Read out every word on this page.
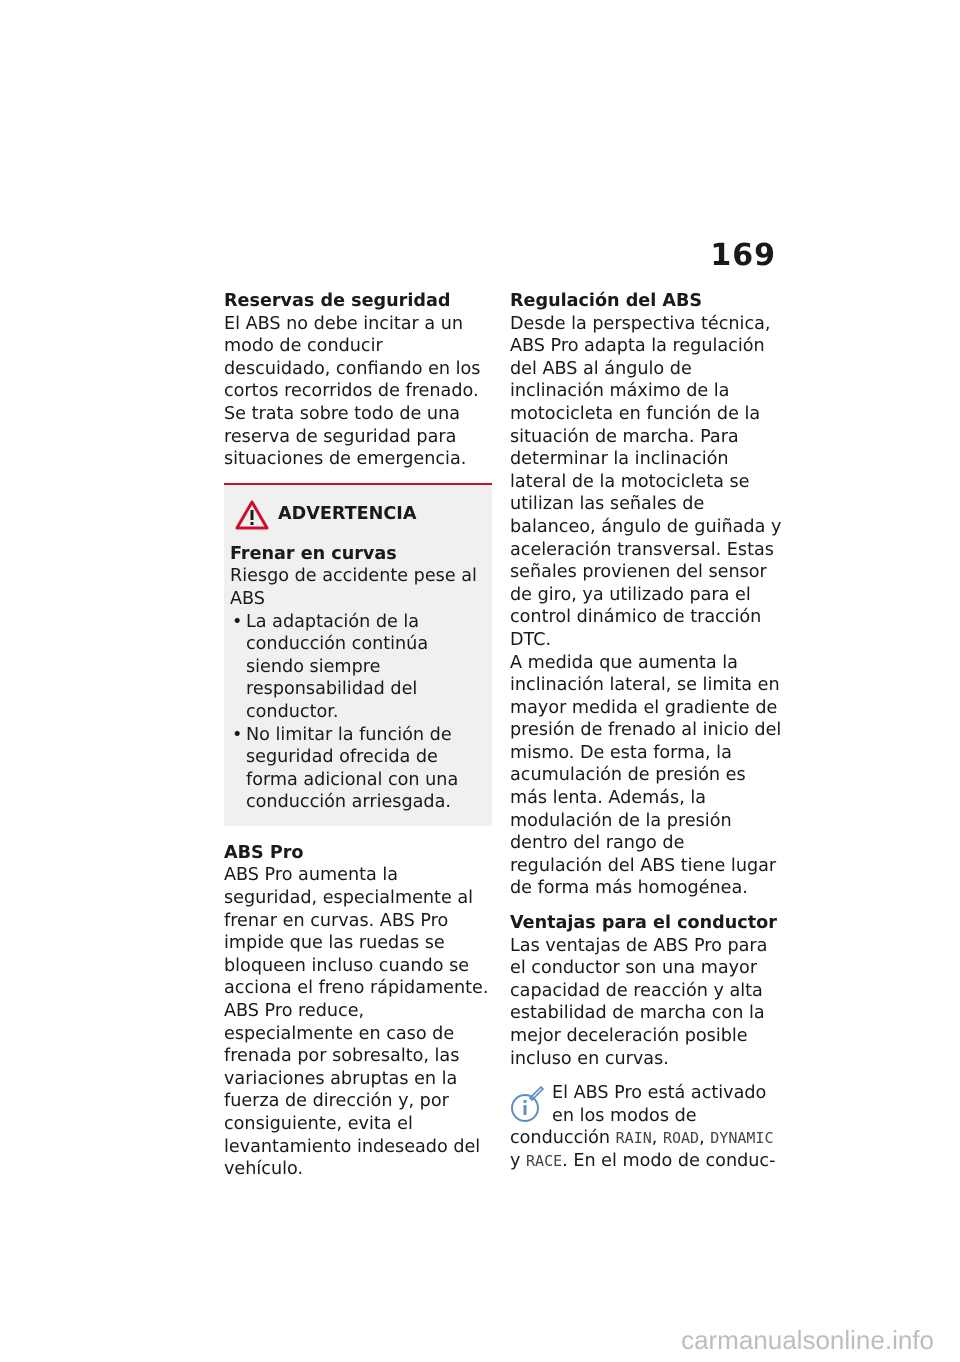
169
Reservas de seguridad

El ABS no debe incitar a un modo de conducir descuidado, confiando en los cortos recorridos de frenado. Se trata sobre todo de una reserva de seguridad para situaciones de emergencia.

ADVERTENCIA
Frenar en curvas

Riesgo de accidente pese al ABS

• La adaptación de la conducción continúa siendo siempre responsabilidad del conductor.
• No limitar la función de seguridad ofrecida de forma adicional con una conducción arriesgada.
ABS Pro

ABS Pro aumenta la seguridad, especialmente al frenar en curvas. ABS Pro impide que las ruedas se bloqueen incluso cuando se acciona el freno rápidamente. ABS Pro reduce, especialmente en caso de frenada por sobresalto, las variaciones abruptas en la fuerza de dirección y, por consiguiente, evita el levantamiento indeseado del vehículo.

Regulación del ABS

Desde la perspectiva técnica, ABS Pro adapta la regulación del ABS al ángulo de inclinación máximo de la motocicleta en función de la situación de marcha. Para determinar la inclinación lateral de la motocicleta se utilizan las señales de balanceo, ángulo de guiñada y aceleración transversal. Estas señales provienen del sensor de giro, ya utilizado para el control dinámico de tracción DTC.

A medida que aumenta la inclinación lateral, se limita en mayor medida el gradiente de presión de frenado al inicio del mismo. De esta forma, la acumulación de presión es más lenta. Además, la modulación de la presión dentro del rango de regulación del ABS tiene lugar de forma más homogénea.

Ventajas para el conductor

Las ventajas de ABS Pro para el conductor son una mayor capacidad de reacción y alta estabilidad de marcha con la mejor deceleración posible incluso en curvas.

El ABS Pro está activado en los modos de conducción RAIN, ROAD, DYNAMIC y RACE. En el modo de conduc-

carmanualsonline.info
